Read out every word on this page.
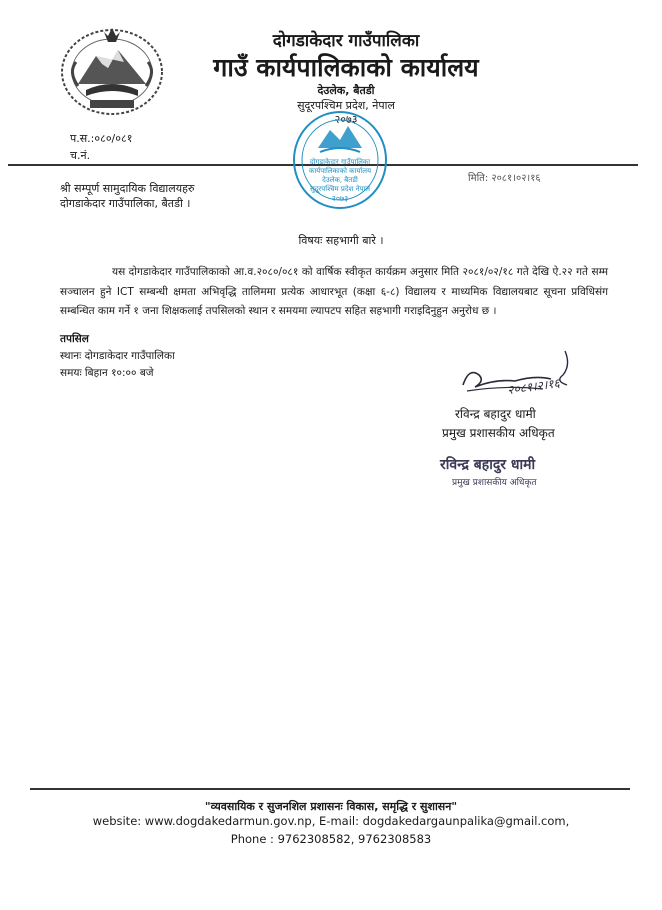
दोगडाकेदार गाउँपालिका
गाउँ कार्यपालिकाको कार्यालय
देउलेक, बैतडी
सुदूरपश्चिम प्रदेश, नेपाल
२०७३
प.स.:०८०/०८१
च.नं.	दोगडाकेदार गाउँपालिका
कार्यपालिकाको कार्यालय
देउलेक, बैतडी
सुदूरपश्चिम प्रदेश नेपाल
२०७३
मिति: २०८१।०२।१६
श्री सम्पूर्ण सामुदायिक विद्यालयहरु
दोगडाकेदार गाउँपालिका, बैतडी ।
विषयः सहभागी बारे ।
यस दोगडाकेदार गाउँपालिकाको आ.व.२०८०/०८१ को वार्षिक स्वीकृत कार्यक्रम अनुसार मिति २०८१/०२/१८ गते देखि ऐ.२२ गते सम्म सञ्चालन हुने ICT सम्बन्धी क्षमता अभिवृद्धि तालिममा प्रत्येक आधारभूत (कक्षा ६-८) विद्यालय र माध्यमिक विद्यालयबाट सूचना प्रविधिसंग सम्बन्धित काम गर्ने १ जना शिक्षकलाई तपसिलको स्थान र समयमा ल्यापटप सहित सहभागी गराइदिनुहुन अनुरोध छ ।
तपसिल
स्थानः दोगडाकेदार गाउँपालिका
समयः बिहान १०:०० बजे
२०८१।२।१६
रविन्द्र बहादुर धामी
प्रमुख प्रशासकीय अधिकृत
रविन्द्र बहादुर धामी
प्रमुख प्रशासकीय अधिकृत
"व्यवसायिक र सुजनशिल प्रशासनः विकास, समृद्धि र सुशासन"
website: www.dogdakedarmun.gov.np, E-mail: dogdakedargaunpalika@gmail.com,
Phone : 9762308582, 9762308583
